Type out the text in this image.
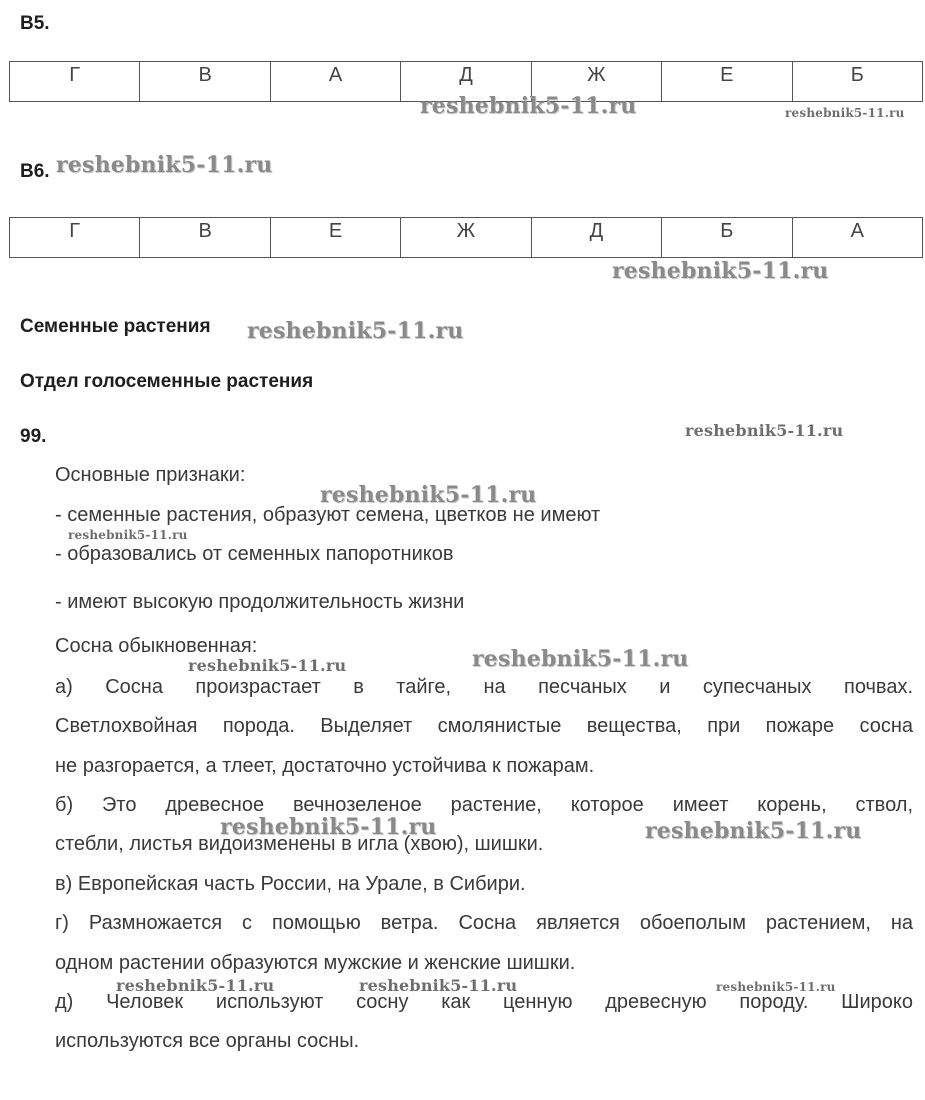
B5.
Г	В	А	Д	Ж	Е	Б
B6.
Г	В	Е	Ж	Д	Б	А
Семенные растения
Отдел голосеменные растения
99.
Основные признаки:
- семенные растения, образуют семена, цветков не имеют
- образовались от семенных папоротников
- имеют высокую продолжительность жизни
Сосна обыкновенная:
а) Сосна произрастает в тайге, на песчаных и супесчаных почвах.
Светлохвойная порода. Выделяет смолянистые вещества, при пожаре сосна
не разгорается, а тлеет, достаточно устойчива к пожарам.
б) Это древесное вечнозеленое растение, которое имеет корень, ствол,
стебли, листья видоизменены в игла (хвою), шишки.
в) Европейская часть России, на Урале, в Сибири.
г) Размножается с помощью ветра. Сосна является обоеполым растением, на
одном растении образуются мужские и женские шишки.
д) Человек используют сосну как ценную древесную породу. Широко
используются все органы сосны.
reshebnik5-11.ru	reshebnik5-11.ru
reshebnik5-11.ru
reshebnik5-11.ru
reshebnik5-11.ru
reshebnik5-11.ru
reshebnik5-11.ru
reshebnik5-11.ru
reshebnik5-11.ru	reshebnik5-11.ru
reshebnik5-11.ru	reshebnik5-11.ru
reshebnik5-11.ru	reshebnik5-11.ru	reshebnik5-11.ru
